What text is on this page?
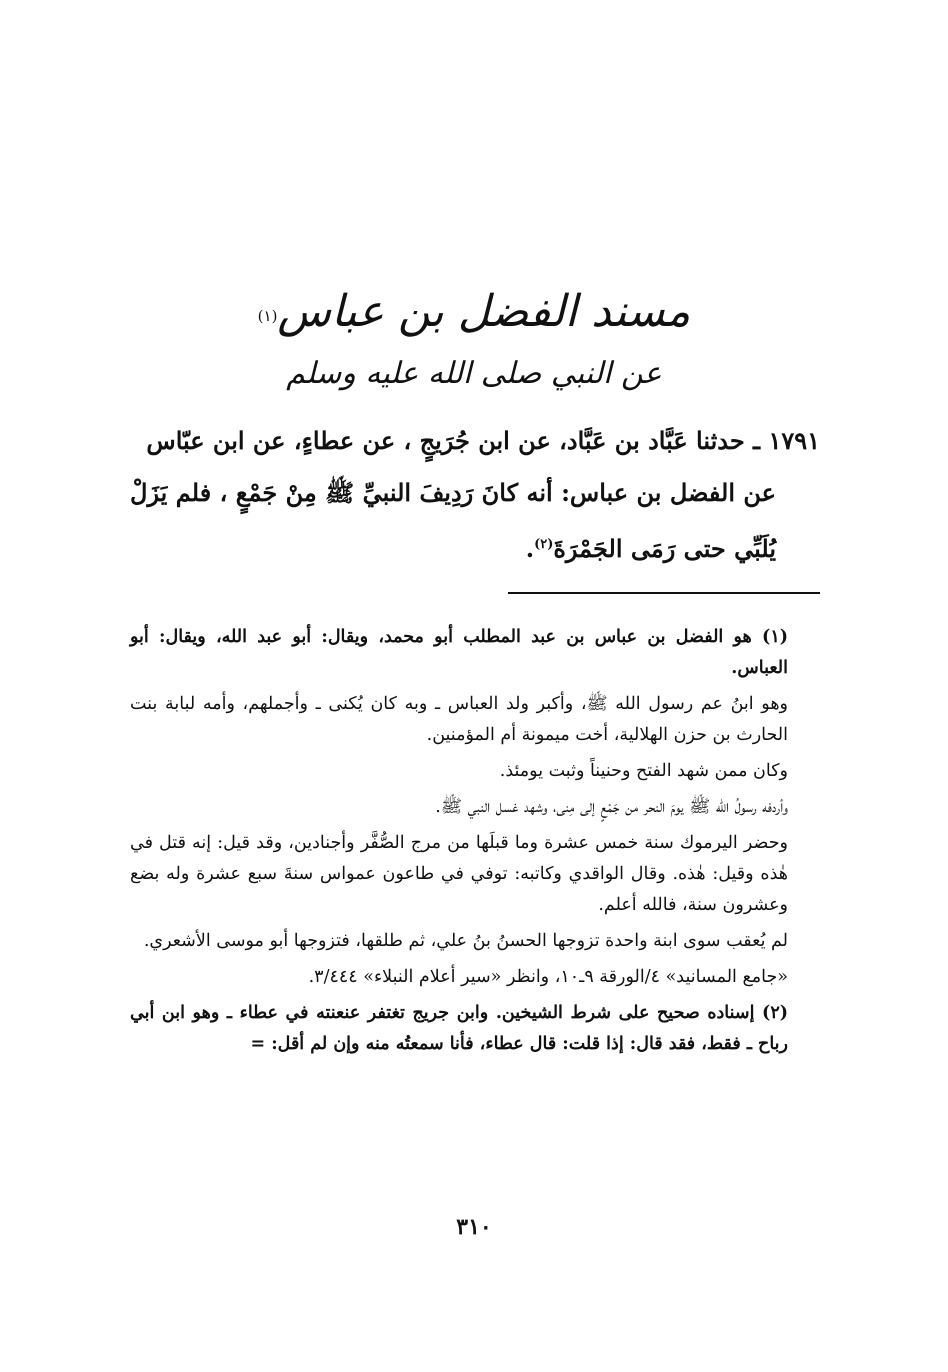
مسند الفضل بن عباس$^{(١)}$
عن النبي صلى الله عليه وسلم

١٧٩١ ـ حدثنا عَبَّاد بن عَبَّاد، عن ابن جُرَيجٍ ، عن عطاءٍ، عن ابن عبّاس

عن الفضل بن عباس: أنه كانَ رَدِيفَ النبيِّ ﷺ مِنْ جَمْعٍ ، فلم يَزَلْ يُلَبِّي حتى رَمَى الجَمْرَةَ$^{(٢)}$.

(١) هو الفضل بن عباس بن عبد المطلب أبو محمد، ويقال: أبو عبد الله، ويقال: أبو العباس.

وهو ابنُ عم رسول الله ﷺ، وأكبر ولد العباس ـ وبه كان يُكنى ـ وأجملهم، وأمه لبابة بنت الحارث بن حزن الهلالية، أخت ميمونة أم المؤمنين.

وكان ممن شهد الفتح وحنيناً وثبت يومئذ.

وأردفه رسولُ الله ﷺ يومَ النحر من جَمْعٍ إلى مِنى، وشهد غسل النبي ﷺ.

وحضر اليرموك سنة خمس عشرة وما قبلَها من مرج الصُّفَّر وأجنادين، وقد قيل: إنه قتل في هٰذه وقيل: هٰذه. وقال الواقدي وكاتبه: توفي في طاعون عمواس سنةَ سبع عشرة وله بضع وعشرون سنة، فالله أعلم.

لم يُعقب سوى ابنة واحدة تزوجها الحسنُ بنُ علي، ثم طلقها، فتزوجها أبو موسى الأشعري.

«جامع المسانيد» ٤/الورقة ٩ـ١٠، وانظر «سير أعلام النبلاء» ٣/٤٤٤.

(٢) إسناده صحيح على شرط الشيخين. وابن جريج تغتفر عنعنته في عطاء ـ وهو ابن أبي رباح ـ فقط، فقد قال: إذا قلت: قال عطاء، فأنا سمعتُه منه وإن لم أقل: =

٣١٠
